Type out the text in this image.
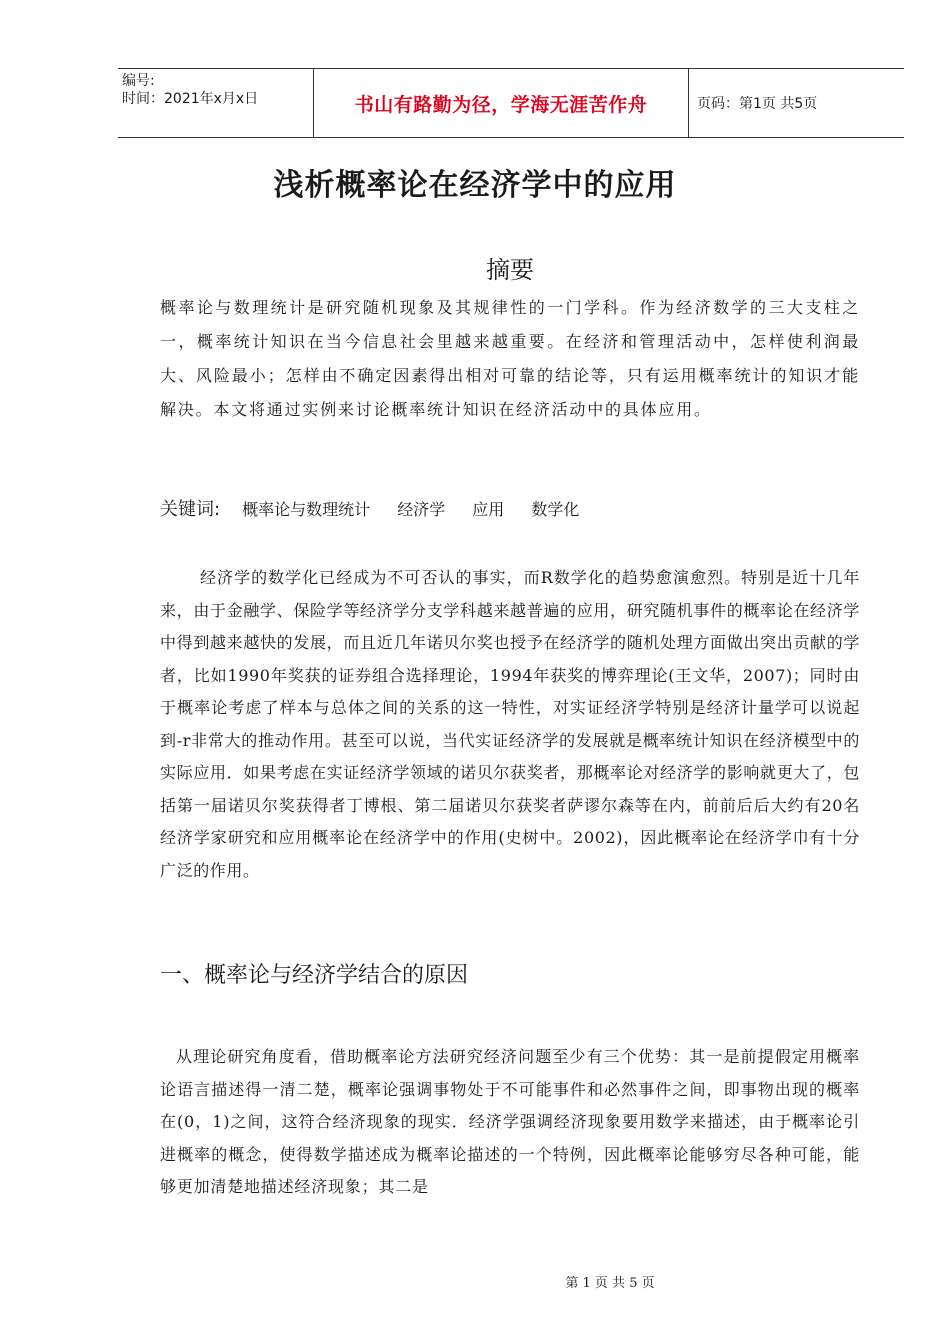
编号:
时间：2021年x月x日	书山有路勤为径，学海无涯苦作舟	页码：第1页 共5页
浅析概率论在经济学中的应用
摘要

概率论与数理统计是研究随机现象及其规律性的一门学科。作为经济数学的三大支柱之一，概率统计知识在当今信息社会里越来越重要。在经济和管理活动中，怎样使利润最大、风险最小；怎样由不确定因素得出相对可靠的结论等，只有运用概率统计的知识才能解决。本文将通过实例来讨论概率统计知识在经济活动中的具体应用。

关键词: 概率论与数理统计 经济学 应用 数学化

经济学的数学化已经成为不可否认的事实，而R数学化的趋势愈演愈烈。特别是近十几年来，由于金融学、保险学等经济学分支学科越来越普遍的应用，研究随机事件的概率论在经济学中得到越来越快的发展，而且近几年诺贝尔奖也授予在经济学的随机处理方面做出突出贡献的学者，比如1990年奖获的证券组合选择理论，1994年获奖的博弈理论(王文华，2007)；同时由于概率论考虑了样本与总体之间的关系的这一特性，对实证经济学特别是经济计量学可以说起到-r非常大的推动作用。甚至可以说，当代实证经济学的发展就是概率统计知识在经济模型中的实际应用．如果考虑在实证经济学领域的诺贝尔获奖者，那概率论对经济学的影响就更大了，包括第一届诺贝尔奖获得者丁博根、第二届诺贝尔获奖者萨谬尔森等在内，前前后后大约有20名经济学家研究和应用概率论在经济学中的作用(史树中。2002)，因此概率论在经济学巾有十分广泛的作用。

一、概率论与经济学结合的原因

从理论研究角度看，借助概率论方法研究经济问题至少有三个优势：其一是前提假定用概率论语言描述得一清二楚，概率论强调事物处于不可能事件和必然事件之间，即事物出现的概率在(0，1)之间，这符合经济现象的现实．经济学强调经济现象要用数学来描述，由于概率论引进概率的概念，使得数学描述成为概率论描述的一个特例，因此概率论能够穷尽各种可能，能够更加清楚地描述经济现象；其二是

第 1 页 共 5 页
